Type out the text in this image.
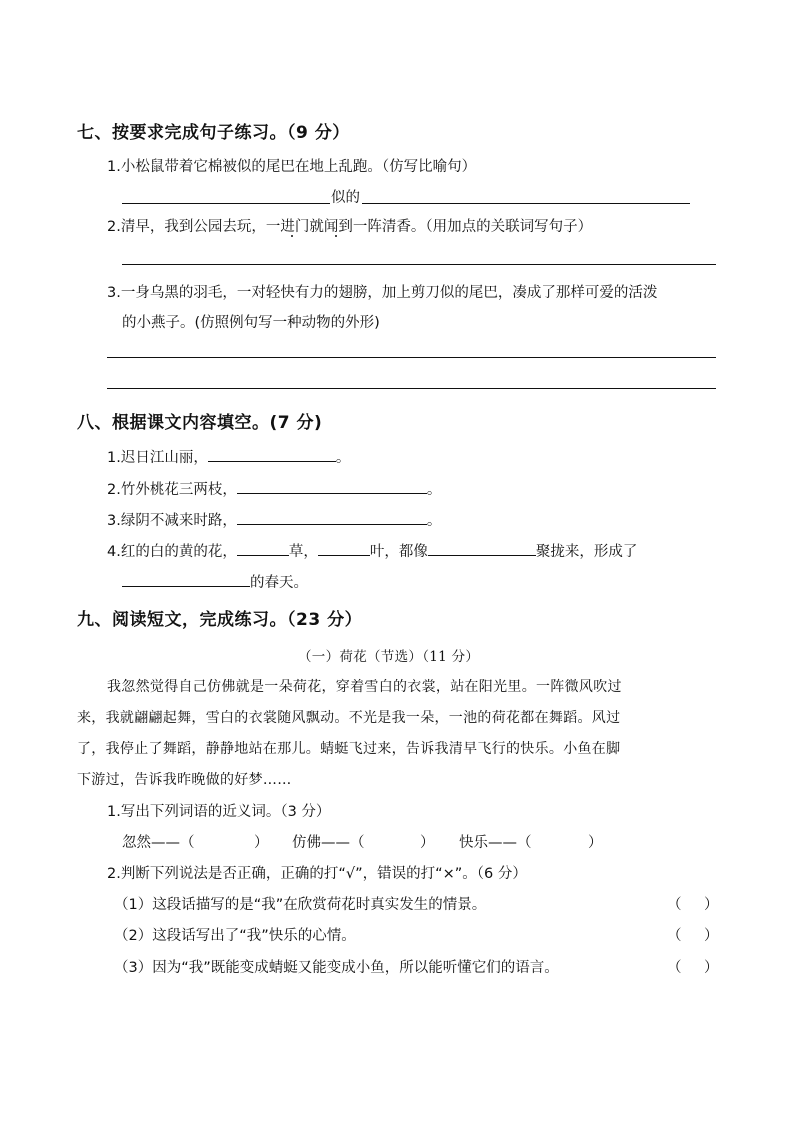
七、按要求完成句子练习。（9 分）
1.小松鼠带着它棉被似的尾巴在地上乱跑。（仿写比喻句）
似的
2.清早，我到公园去玩，一进门就闻到一阵清香。（用加点的关联词写句子）
3.一身乌黑的羽毛，一对轻快有力的翅膀，加上剪刀似的尾巴，凑成了那样可爱的活泼
的小燕子。(仿照例句写一种动物的外形)
八、根据课文内容填空。(7 分)
1.迟日江山丽，	。
2.竹外桃花三两枝，	。
3.绿阴不减来时路，	。
4.红的白的黄的花，	草，	叶，都像	聚拢来，形成了
的春天。
九、阅读短文，完成练习。（23 分）
（一）荷花（节选）（11 分）
我忽然觉得自己仿佛就是一朵荷花，穿着雪白的衣裳，站在阳光里。一阵微风吹过
来，我就翩翩起舞，雪白的衣裳随风飘动。不光是我一朵，一池的荷花都在舞蹈。风过
了，我停止了舞蹈，静静地站在那儿。蜻蜓飞过来，告诉我清早飞行的快乐。小鱼在脚
下游过，告诉我昨晚做的好梦……
1.写出下列词语的近义词。（3 分）
忽然——（	） 仿佛——（	） 快乐——（	）
2.判断下列说法是否正确，正确的打“√”，错误的打“×”。（6 分）
（1）这段话描写的是“我”在欣赏荷花时真实发生的情景。	（ ）
（2）这段话写出了“我”快乐的心情。	（ ）
（3）因为“我”既能变成蜻蜓又能变成小鱼，所以能听懂它们的语言。	（ ）
